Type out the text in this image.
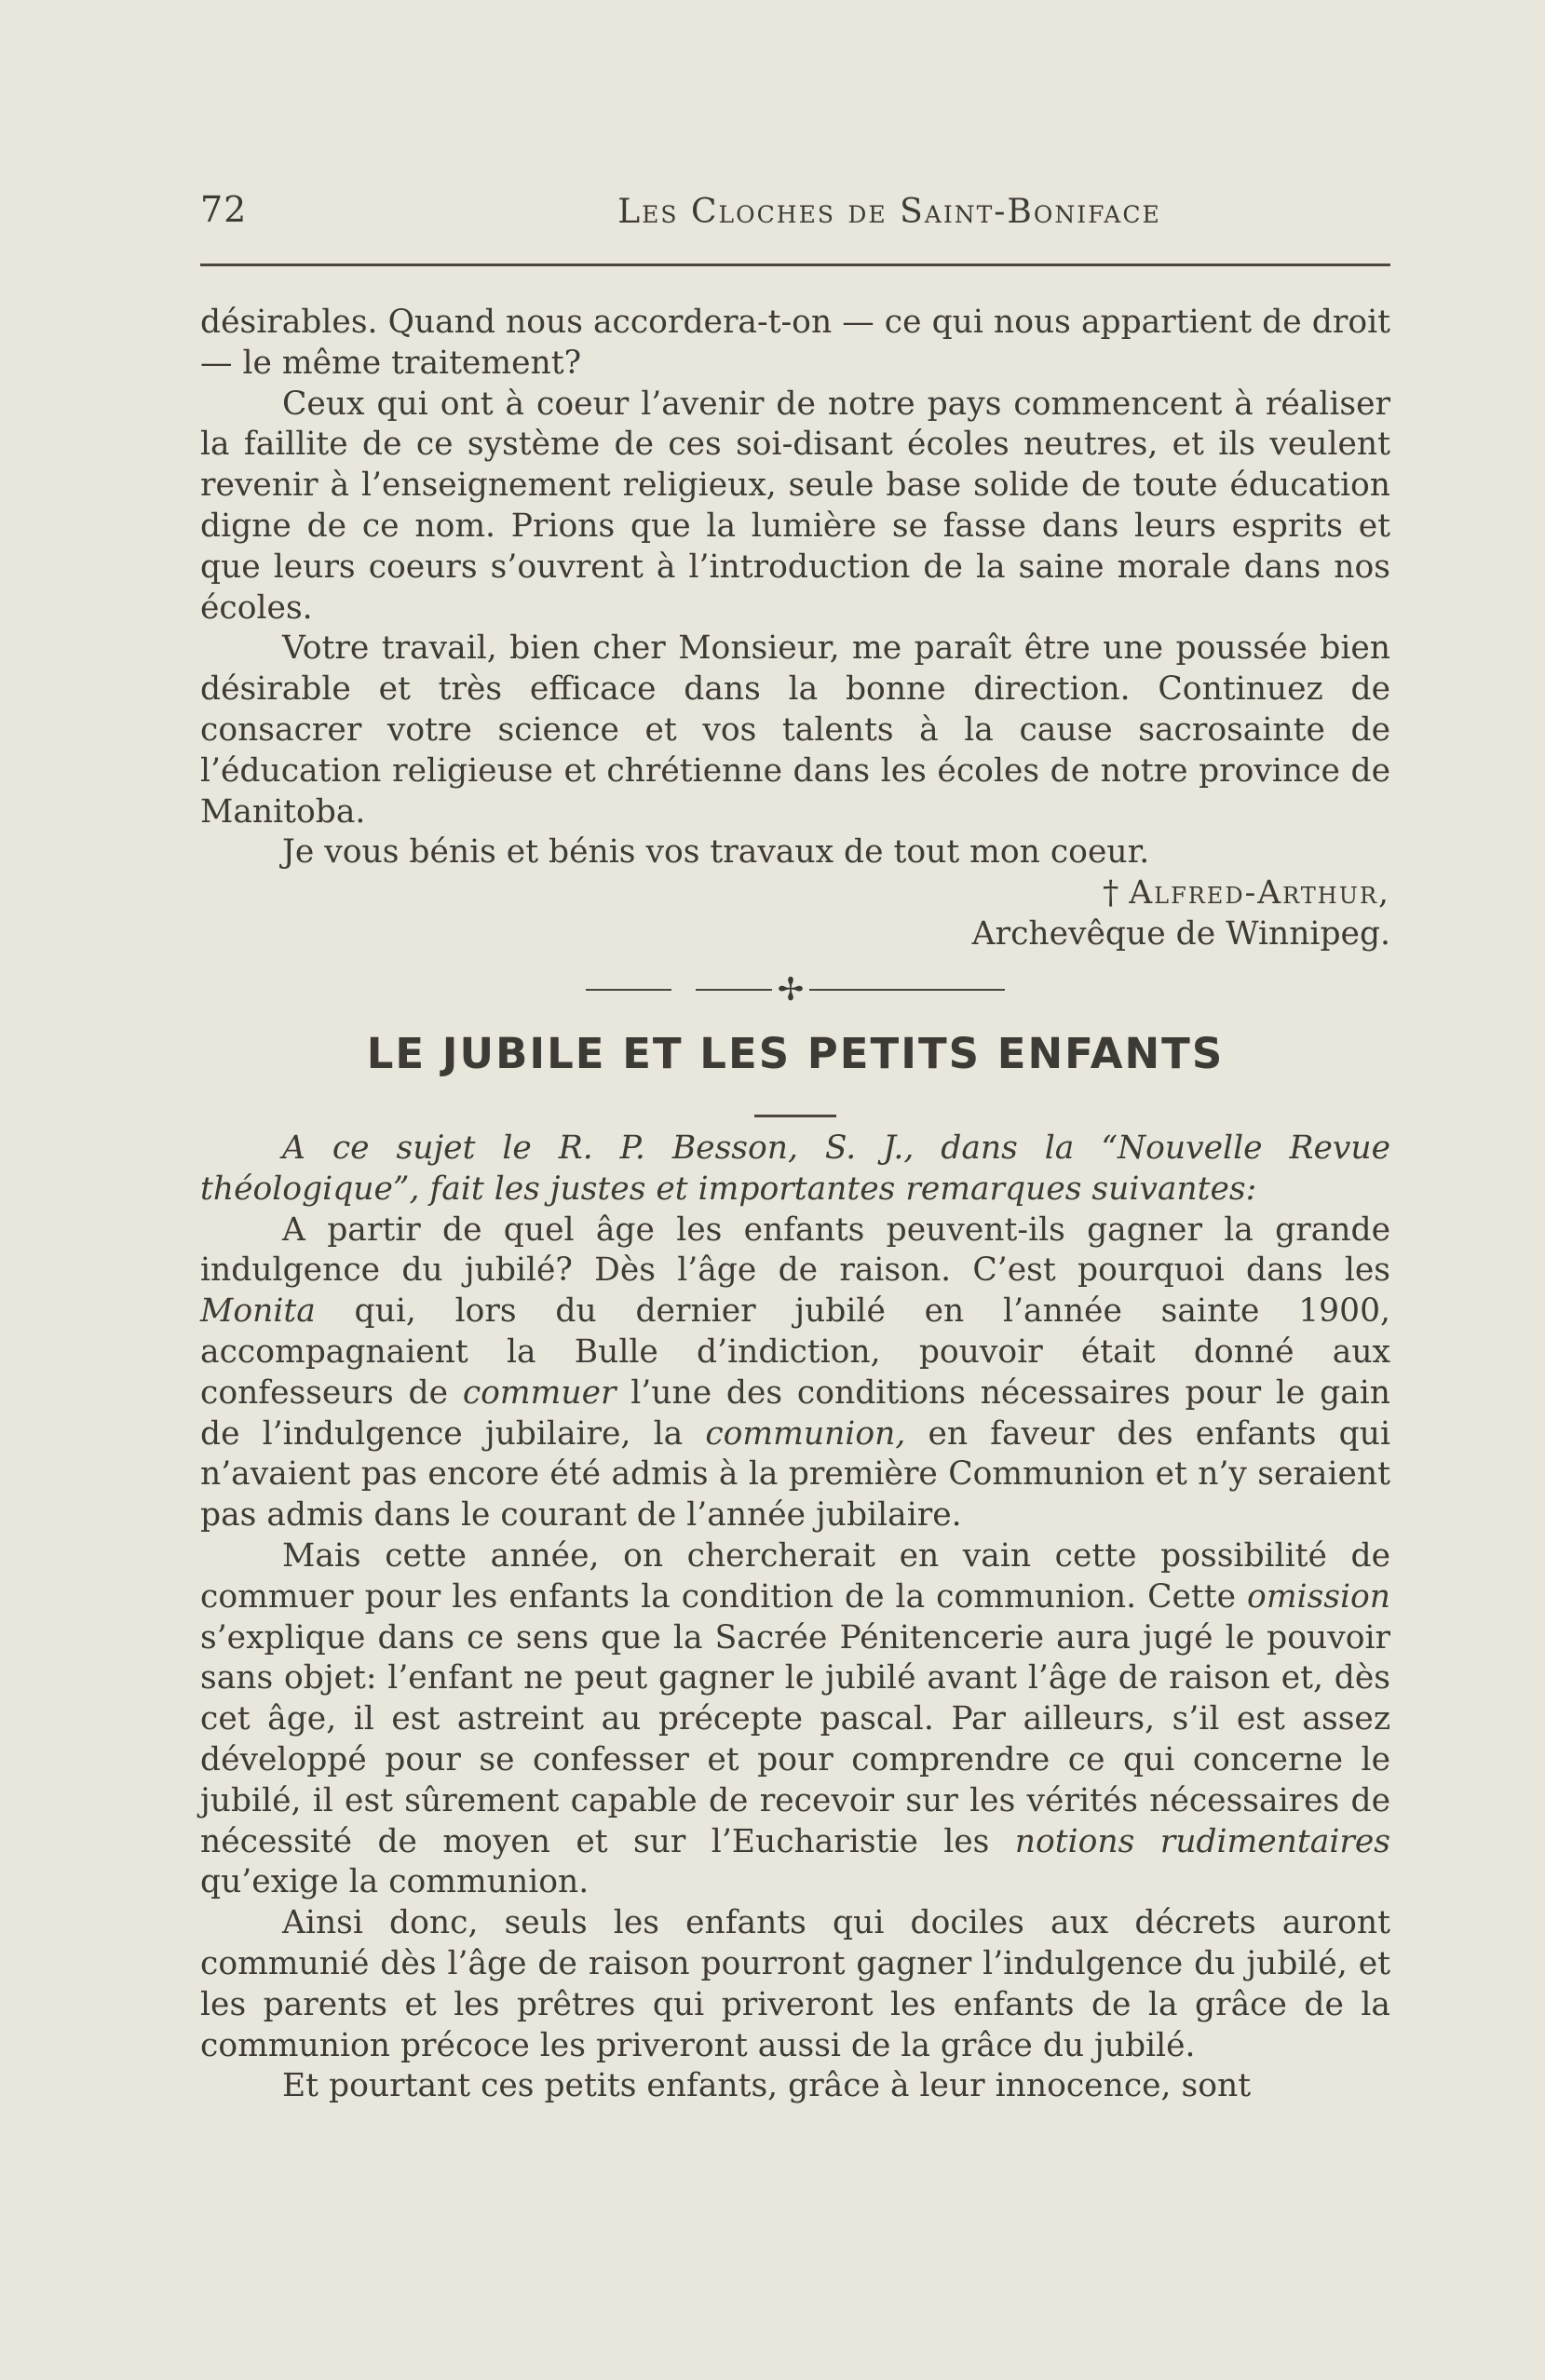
72	Les Cloches de Saint-Boniface

désirables. Quand nous accordera-t-on — ce qui nous appartient de droit — le même traitement?

Ceux qui ont à coeur l’avenir de notre pays commencent à réaliser la faillite de ce système de ces soi-disant écoles neutres, et ils veulent revenir à l’enseignement religieux, seule base solide de toute éducation digne de ce nom. Prions que la lumière se fasse dans leurs esprits et que leurs coeurs s’ouvrent à l’introduction de la saine morale dans nos écoles.

Votre travail, bien cher Monsieur, me paraît être une poussée bien désirable et très efficace dans la bonne direction. Continuez de consacrer votre science et vos talents à la cause sacrosainte de l’éducation religieuse et chrétienne dans les écoles de notre province de Manitoba.

Je vous bénis et bénis vos travaux de tout mon coeur.

† Alfred-Arthur,

Archevêque de Winnipeg.

✢
LE JUBILE ET LES PETITS ENFANTS

A ce sujet le R. P. Besson, S. J., dans la “Nouvelle Revue théologique”, fait les justes et importantes remarques suivantes:

A partir de quel âge les enfants peuvent-ils gagner la grande indulgence du jubilé? Dès l’âge de raison. C’est pourquoi dans les Monita qui, lors du dernier jubilé en l’année sainte 1900, accompagnaient la Bulle d’indiction, pouvoir était donné aux confesseurs de commuer l’une des conditions nécessaires pour le gain de l’indulgence jubilaire, la communion, en faveur des enfants qui n’avaient pas encore été admis à la première Communion et n’y seraient pas admis dans le courant de l’année jubilaire.

Mais cette année, on chercherait en vain cette possibilité de commuer pour les enfants la condition de la communion. Cette omission s’explique dans ce sens que la Sacrée Pénitencerie aura jugé le pouvoir sans objet: l’enfant ne peut gagner le jubilé avant l’âge de raison et, dès cet âge, il est astreint au précepte pascal. Par ailleurs, s’il est assez développé pour se confesser et pour comprendre ce qui concerne le jubilé, il est sûrement capable de recevoir sur les vérités nécessaires de nécessité de moyen et sur l’Eucharistie les notions rudimentaires qu’exige la communion.

Ainsi donc, seuls les enfants qui dociles aux décrets auront communié dès l’âge de raison pourront gagner l’indulgence du jubilé, et les parents et les prêtres qui priveront les enfants de la grâce de la communion précoce les priveront aussi de la grâce du jubilé.

Et pourtant ces petits enfants, grâce à leur innocence, sont
